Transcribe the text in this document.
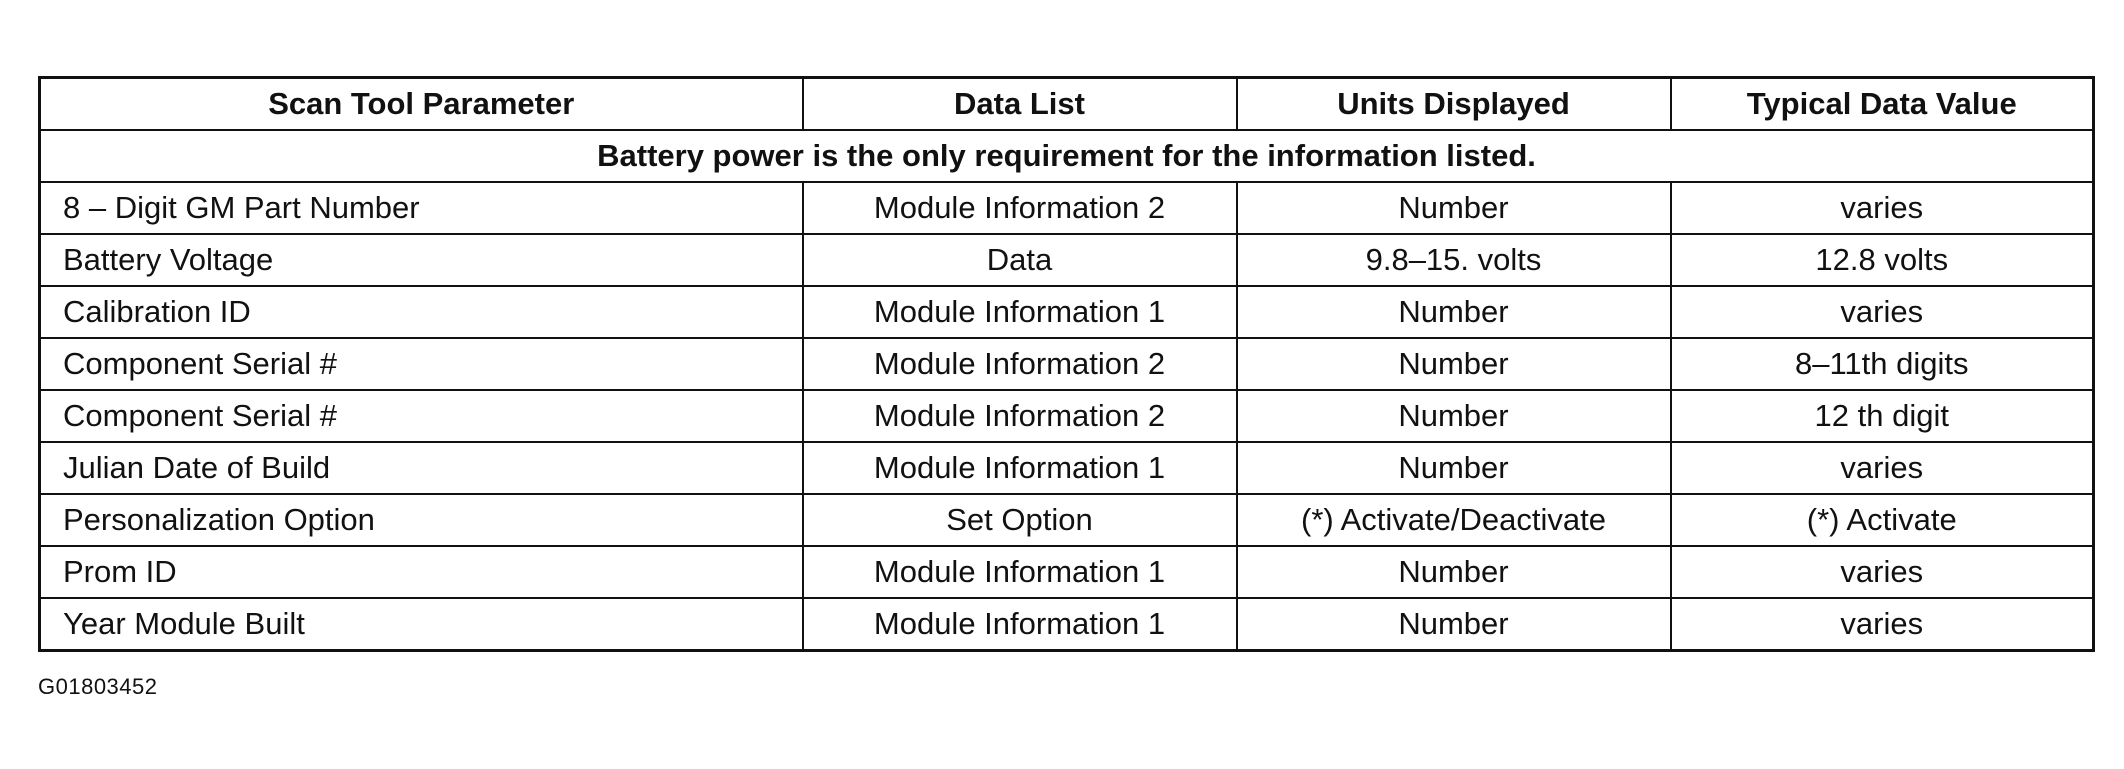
Scan Tool Parameter	Data List	Units Displayed	Typical Data Value
Battery power is the only requirement for the information listed.			
8 – Digit GM Part Number	Module Information 2	Number	varies
Battery Voltage	Data	9.8–15. volts	12.8 volts
Calibration ID	Module Information 1	Number	varies
Component Serial #	Module Information 2	Number	8–11th digits
Component Serial #	Module Information 2	Number	12 th digit
Julian Date of Build	Module Information 1	Number	varies
Personalization Option	Set Option	(*) Activate/Deactivate	(*) Activate
Prom ID	Module Information 1	Number	varies
Year Module Built	Module Information 1	Number	varies
G01803452
